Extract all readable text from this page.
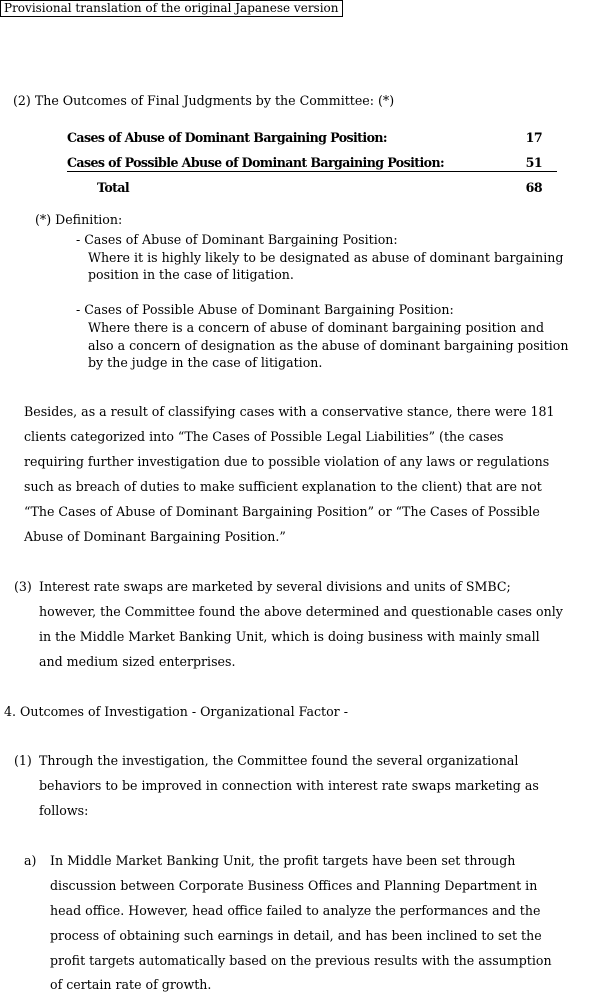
Provisional translation of the original Japanese version
(2) The Outcomes of Final Judgments by the Committee: (*)
Cases of Abuse of Dominant Bargaining Position:	17
Cases of Possible Abuse of Dominant Bargaining Position:	51
Total	68
(*) Definition:
- Cases of Abuse of Dominant Bargaining Position:
Where it is highly likely to be designated as abuse of dominant bargaining
position in the case of litigation.
- Cases of Possible Abuse of Dominant Bargaining Position:
Where there is a concern of abuse of dominant bargaining position and
also a concern of designation as the abuse of dominant bargaining position
by the judge in the case of litigation.
Besides, as a result of classifying cases with a conservative stance, there were 181
clients categorized into “The Cases of Possible Legal Liabilities” (the cases
requiring further investigation due to possible violation of any laws or regulations
such as breach of duties to make sufficient explanation to the client) that are not
“The Cases of Abuse of Dominant Bargaining Position” or “The Cases of Possible
Abuse of Dominant Bargaining Position.”
(3) Interest rate swaps are marketed by several divisions and units of SMBC;
however, the Committee found the above determined and questionable cases only
in the Middle Market Banking Unit, which is doing business with mainly small
and medium sized enterprises.
4. Outcomes of Investigation - Organizational Factor -
(1) Through the investigation, the Committee found the several organizational
behaviors to be improved in connection with interest rate swaps marketing as
follows:
a) In Middle Market Banking Unit, the profit targets have been set through
discussion between Corporate Business Offices and Planning Department in
head office. However, head office failed to analyze the performances and the
process of obtaining such earnings in detail, and has been inclined to set the
profit targets automatically based on the previous results with the assumption
of certain rate of growth.
